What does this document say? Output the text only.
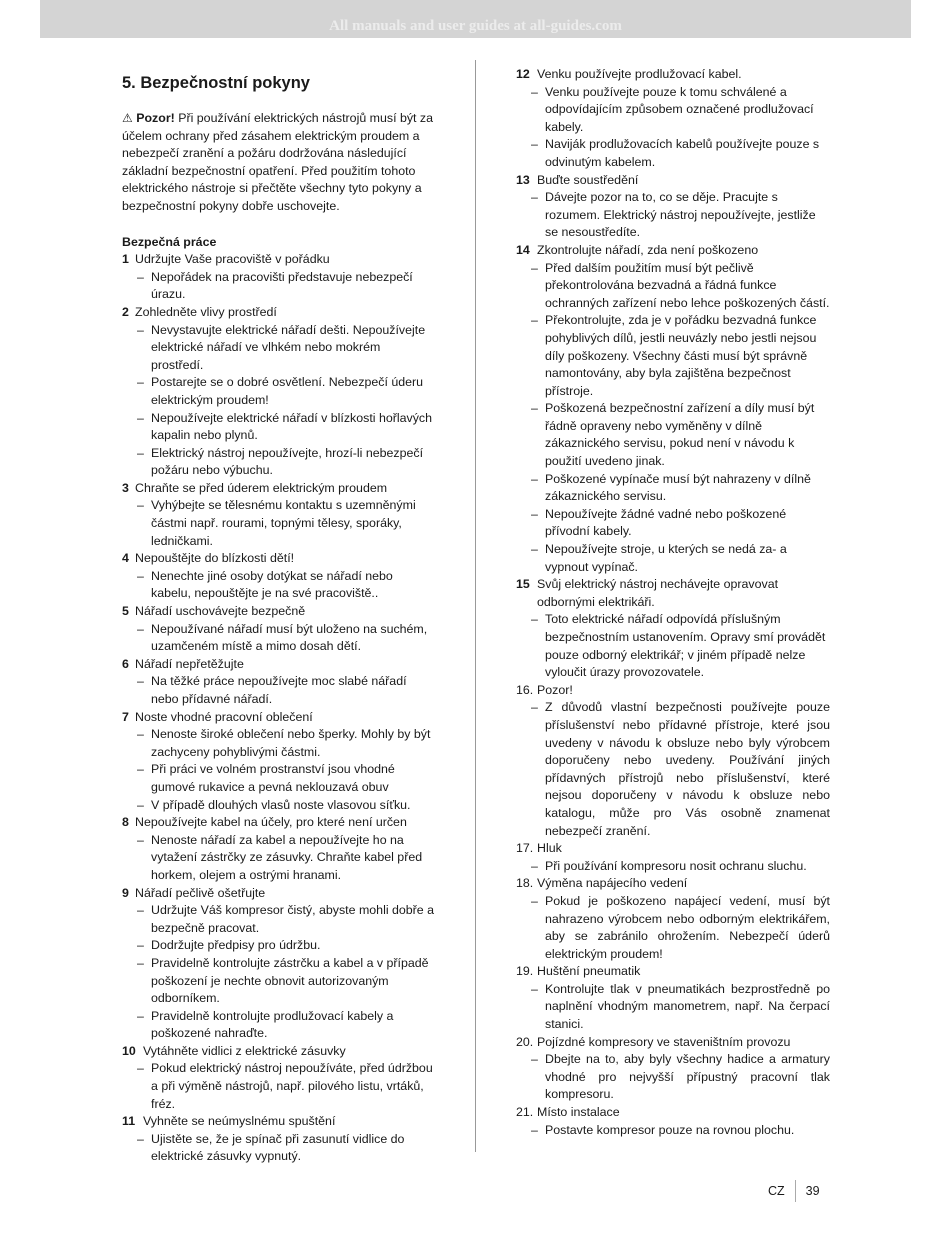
All manuals and user guides at all-guides.com
5. Bezpečnostní pokyny
⚠ Pozor! Při používání elektrických nástrojů musí být za účelem ochrany před zásahem elektrickým proudem a nebezpečí zranění a požáru dodržována následující základní bezpečnostní opatření. Před použitím tohoto elektrického nástroje si přečtěte všechny tyto pokyny a bezpečnostní pokyny dobře uschovejte.
Bezpečná práce
1 Udržujte Vaše pracoviště v pořádku
– Nepořádek na pracovišti představuje nebezpečí úrazu.
2 Zohledněte vlivy prostředí
– Nevystavujte elektrické nářadí dešti. Nepoužívejte elektrické nářadí ve vlhkém nebo mokrém prostředí.
– Postarejte se o dobré osvětlení. Nebezpečí úderu elektrickým proudem!
– Nepoužívejte elektrické nářadí v blízkosti hořlavých kapalin nebo plynů.
– Elektrický nástroj nepoužívejte, hrozí-li nebezpečí požáru nebo výbuchu.
3 Chraňte se před úderem elektrickým proudem
– Vyhýbejte se tělesnému kontaktu s uzemněnými částmi např. rourami, topnými tělesy, sporáky, ledničkami.
4 Nepouštějte do blízkosti dětí!
– Nenechte jiné osoby dotýkat se nářadí nebo kabelu, nepouštějte je na své pracoviště..
5 Nářadí uschovávejte bezpečně
– Nepoužívané nářadí musí být uloženo na suchém, uzamčeném místě a mimo dosah dětí.
6 Nářadí nepřetěžujte
– Na těžké práce nepoužívejte moc slabé nářadí nebo přídavné nářadí.
7 Noste vhodné pracovní oblečení
– Nenoste široké oblečení nebo šperky. Mohly by být zachyceny pohyblivými částmi.
– Při práci ve volném prostranství jsou vhodné gumové rukavice a pevná neklouzavá obuv
– V případě dlouhých vlasů noste vlasovou síťku.
8 Nepoužívejte kabel na účely, pro které není určen
– Nenoste nářadí za kabel a nepoužívejte ho na vytažení zástrčky ze zásuvky. Chraňte kabel před horkem, olejem a ostrými hranami.
9 Nářadí pečlivě ošetřujte
– Udržujte Váš kompresor čistý, abyste mohli dobře a bezpečně pracovat.
– Dodržujte předpisy pro údržbu.
– Pravidelně kontrolujte zástrčku a kabel a v případě poškození je nechte obnovit autorizovaným odborníkem.
– Pravidelně kontrolujte prodlužovací kabely a poškozené nahraďte.
10 Vytáhněte vidlici z elektrické zásuvky
– Pokud elektrický nástroj nepoužíváte, před údržbou a při výměně nástrojů, např. pilového listu, vrtáků, fréz.
11 Vyhněte se neúmyslnému spuštění
– Ujistěte se, že je spínač při zasunutí vidlice do elektrické zásuvky vypnutý.
12 Venku používejte prodlužovací kabel.
– Venku používejte pouze k tomu schválené a odpovídajícím způsobem označené prodlužovací kabely.
– Naviják prodlužovacích kabelů používejte pouze s odvinutým kabelem.
13 Buďte soustředění
– Dávejte pozor na to, co se děje. Pracujte s rozumem. Elektrický nástroj nepoužívejte, jestliže se nesoustředíte.
14 Zkontrolujte nářadí, zda není poškozeno
– Před dalším použitím musí být pečlivě překontrolována bezvadná a řádná funkce ochranných zařízení nebo lehce poškozených částí.
– Překontrolujte, zda je v pořádku bezvadná funkce pohyblivých dílů, jestli neuvázly nebo jestli nejsou díly poškozeny. Všechny části musí být správně namontovány, aby byla zajištěna bezpečnost přístroje.
– Poškozená bezpečnostní zařízení a díly musí být řádně opraveny nebo vyměněny v dílně zákaznického servisu, pokud není v návodu k použití uvedeno jinak.
– Poškozené vypínače musí být nahrazeny v dílně zákaznického servisu.
– Nepoužívejte žádné vadné nebo poškozené přívodní kabely.
– Nepoužívejte stroje, u kterých se nedá za- a vypnout vypínač.
15 Svůj elektrický nástroj nechávejte opravovat odbornými elektrikáři.
– Toto elektrické nářadí odpovídá příslušným bezpečnostním ustanovením. Opravy smí provádět pouze odborný elektrikář; v jiném případě nelze vyloučit úrazy provozovatele.
16. Pozor!
– Z důvodů vlastní bezpečnosti používejte pouze příslušenství nebo přídavné přístroje, které jsou uvedeny v návodu k obsluze nebo byly výrobcem doporučeny nebo uvedeny. Používání jiných přídavných přístrojů nebo příslušenství, které nejsou doporučeny v návodu k obsluze nebo katalogu, může pro Vás osobně znamenat nebezpečí zranění.
17. Hluk
– Při používání kompresoru nosit ochranu sluchu.
18. Výměna napájecího vedení
– Pokud je poškozeno napájecí vedení, musí být nahrazeno výrobcem nebo odborným elektrikářem, aby se zabránilo ohrožením. Nebezpečí úderů elektrickým proudem!
19. Huštění pneumatik
– Kontrolujte tlak v pneumatikách bezprostředně po naplnění vhodným manometrem, např. Na čerpací stanici.
20. Pojízdné kompresory ve staveništním provozu
– Dbejte na to, aby byly všechny hadice a armatury vhodné pro nejvyšší přípustný pracovní tlak kompresoru.
21. Místo instalace
– Postavte kompresor pouze na rovnou plochu.
CZ 39
